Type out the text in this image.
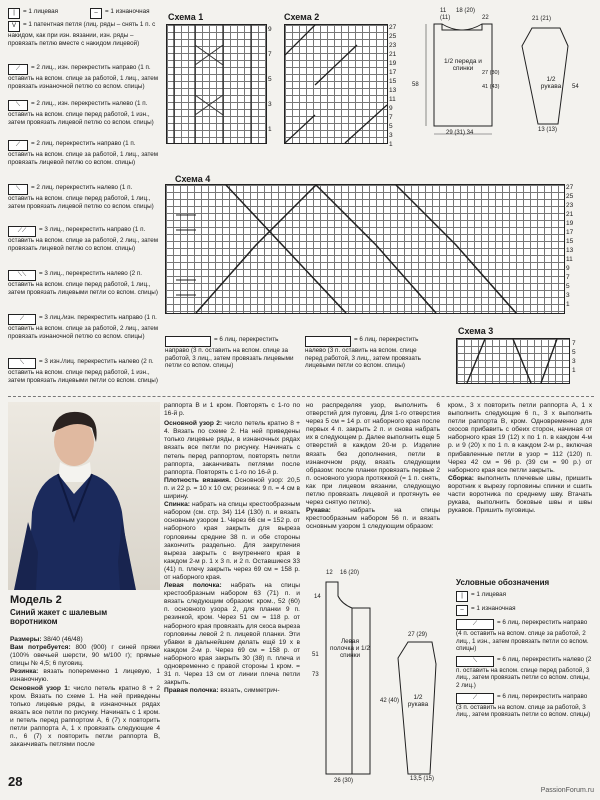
| = 1 лицевая	– = 1 изнаночная
V = 1 патентная петля (лиц. ряды – снять 1 п. с накидом, как при изн. вязании, изн. ряды – провязать петлю вместе с накидом лицевой)
⟋ = 2 лиц., изн. перекрестить направо (1 п. оставить на вспом. спице за работой, 1 лиц., затем провязать изнаночной петлю со вспом. спицы)
⟍ = 2 лиц., изн. перекрестить налево (1 п. оставить на вспом. спице перед работой, 1 изн., затем провязать лицевой петлю со вспом. спицы)
⟋ = 2 лиц. перекрестить направо (1 п. оставить на вспом. спице за работой, 1 лиц., затем провязать лицевой петлю со вспом. спицы)
⟍ = 2 лиц. перекрестить налево (1 п. оставить на вспом. спице перед работой, 1 лиц., затем провязать лицевой петлю со вспом. спицы)
⟋⟋ = 3 лиц., перекрестить направо (1 п. оставить на вспом. спице за работой, 2 лиц., затем провязать лицевой петлю со вспом. спицы)
⟍⟍ = 3 лиц., перекрестить налево (2 п. оставить на вспом. спице перед работой, 1 лиц., затем провязать лицевыми петли со вспом. спицы)
⟋ = 3 лиц./изн. перекрестить направо (1 п. оставить на вспом. спице за работой, 2 лиц., затем провязать изнаночной петлю со вспом. спицы)
⟍ = 3 изн./лиц. перекрестить налево (2 п. оставить на вспом. спице перед работой, 1 изн., затем провязать лицевыми петли со вспом. спицы)
Схема 1
9
7
5
3
1
Схема 2
27
25
23
21
19
17
15
13
11
9
7
5
3
1
11 18 (20)
(11)	22
58
1/2 переда и спинки
27 (30)
41 (43)
29 (31) 34
1/2 рукава
21 (21)
54
13 (13)
Схема 4
27
25
23
21
19
17
15
13
11
9
7
5
3
1
= 6 лиц. перекрестить направо (3 п. оставить на вспом. спице за работой, 3 лиц., затем провязать лицевыми петли со вспом. спицы)
= 6 лиц. перекрестить налево (3 п. оставить на вспом. спице перед работой, 3 лиц., затем провязать лицевыми петли со вспом. спицы)
Схема 3
7
5
3
1
Модель 2
Синий жакет с шалевым воротником
Размеры: 38/40 (46/48)
Вам потребуется: 800 (900) г синей пряжи (100% овечьей шерсти, 90 м/100 г); прямые спицы № 4,5; 6 пуговиц.
Резинка: вязать попеременно 1 лицевую, 1 изнаночную.
Основной узор 1: число петель кратно 8 + 2 кром. Вязать по схеме 1. На ней приведены только лицевые ряды, в изнаночных рядах вязать все петли по рисунку. Начинать с 1 кром. и петель перед раппортом А, 6 (7) х повторить петли раппорта А, 1 х провязать следующие 4 п., 6 (7) х повторить петли раппорта В, заканчивать петлями после
28
раппорта В и 1 кром. Повторять с 1-го по 16-й р.
Основной узор 2: число петель кратно 8 + 4. Вязать по схеме 2. На ней приведены только лицевые ряды, в изнаночных рядах вязать все петли по рисунку. Начинать с петель перед раппортом, повторять петли раппорта, заканчивать петлями после раппорта. Повторять с 1-го по 16-й р.
Плотность вязания. Основной узор: 20,5 п. и 22 р. = 10 х 10 см; резинка: 9 п. = 4 см в ширину.
Спинка: набрать на спицы крестообразным набором (см. стр. 34) 114 (130) п. и вязать основным узором 1. Через 66 см = 152 р. от наборного края закрыть для выреза горловины средние 38 п. и обе стороны закончить раздельно. Для закругления выреза закрыть с внутреннего края в каждом 2-м р. 1 х 3 п. и 2 п. Оставшиеся 33 (41) п. плечу закрыть через 69 см = 158 р. от наборного края.
Левая полочка: набрать на спицы крестообразным набором 63 (71) п. и вязать следующим образом: кром., 52 (60) п. основного узора 2, для планки 9 п. резинкой, кром. Через 51 см = 118 р. от наборного края провязать для скоса выреза горловины левой 2 п. лицевой планки. Эти убавки в дальнейшем делать ещё 19 х в каждом 2-м р. Через 69 см = 158 р. от наборного края закрыть 30 (38) п. плеча и одновременно с правой стороны 1 кром. = 31 п. Через 13 см от линии плеча петли закрыть.
Правая полочка: вязать, симметрич-
но распределяя узор, выполнить 6 отверстий для пуговиц. Для 1-го отверстия через 5 см = 14 р. от наборного края после первых 4 п. закрыть 2 п. и снова набрать их в следующем р. Далее выполнить еще 5 отверстий в каждом 20-м р. Изделие вязать без дополнения, петли в изнаночном ряду, вязать следующим образом: после планки провязать первые 2 п. основного узора протяжкой (= 1 п. снять, как при лицевом вязании, следующую петлю провязать лицевой и протянуть ее через снятую петлю).
Рукава: набрать на спицы крестообразным набором 56 п. и вязать основным узором 1 следующим образом:
кром., 3 х повторить петли раппорта А, 1 х выполнить следующие 6 п., 3 х выполнить петли раппорта В, кром. Одновременно для скосов прибавить с обеих сторон, начиная от наборного края 19 (12) х по 1 п. в каждом 4-м р. и 9 (20) х по 1 п. в каждом 2-м р., включая прибавленные петли в узор = 112 (120) п. Через 42 см = 96 р. (39 см = 90 р.) от наборного края все петли закрыть.
Сборка: выполнить плечевые швы, пришить воротник к вырезу горловины спинки и сшить части воротника по среднему шву. Втачать рукава, выполнить боковые швы и швы рукавов. Пришить пуговицы.
12 16 (20)
14
51
73
Левая полочка и 1/2 спинки
26 (30)
27 (29)
1/2 рукава
42 (40)
13,5 (15)
Условные обозначения
| = 1 лицевая
– = 1 изнаночная
⟋	= 6 лиц. перекрестить направо (4 п. оставить на вспом. спице за работой, 2 лиц., 1 изн., затем провязать петли со вспом. спицы)
⟍	= 6 лиц. перекрестить налево (2 п. оставить на вспом. спице перед работой, 3 лиц., затем провязать петли со вспом. спицы, 2 лиц.)
⟋	= 6 лиц. перекрестить направо (3 п. оставить на вспом. спице за работой, 3 лиц., затем провязать петли со вспом. спицы)
PassionForum.ru
